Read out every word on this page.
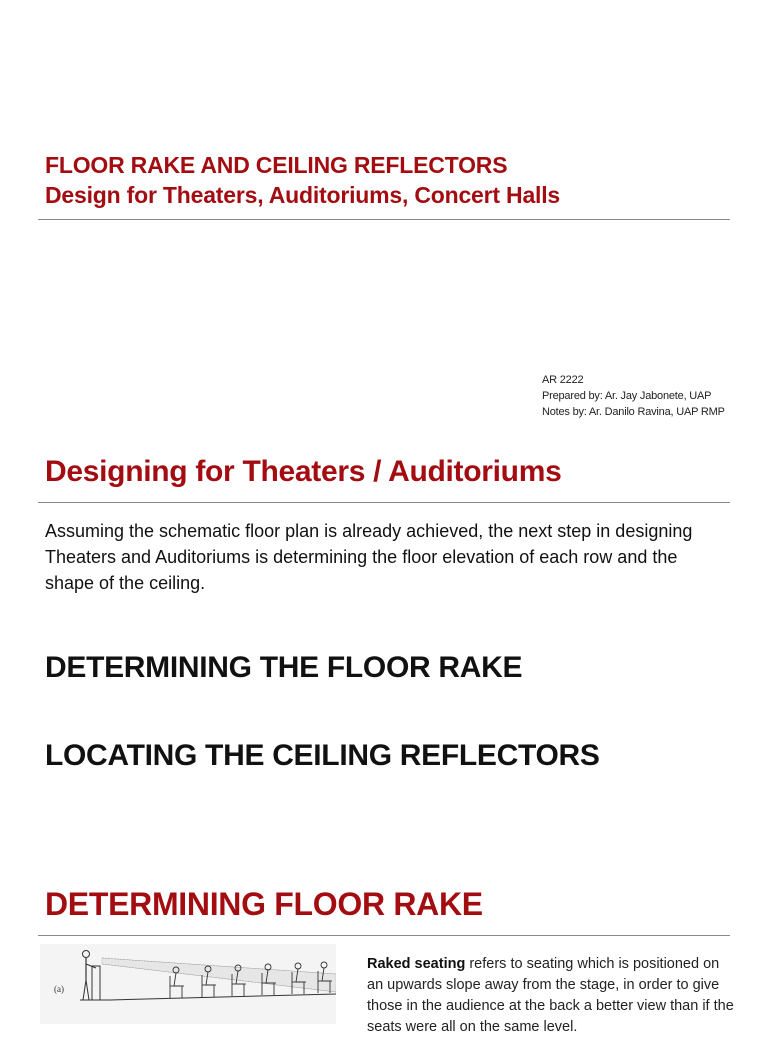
FLOOR RAKE AND CEILING REFLECTORS
Design for Theaters, Auditoriums, Concert Halls
AR 2222
Prepared by: Ar. Jay Jabonete, UAP
Notes by: Ar. Danilo Ravina, UAP RMP
Designing for Theaters / Auditoriums
Assuming the schematic floor plan is already achieved, the next step in designing Theaters and Auditoriums is determining the floor elevation of each row and the shape of the ceiling.
DETERMINING THE FLOOR RAKE
LOCATING THE CEILING REFLECTORS
DETERMINING FLOOR RAKE
(a)
Raked seating refers to seating which is positioned on an upwards slope away from the stage, in order to give those in the audience at the back a better view than if the seats were all on the same level.
